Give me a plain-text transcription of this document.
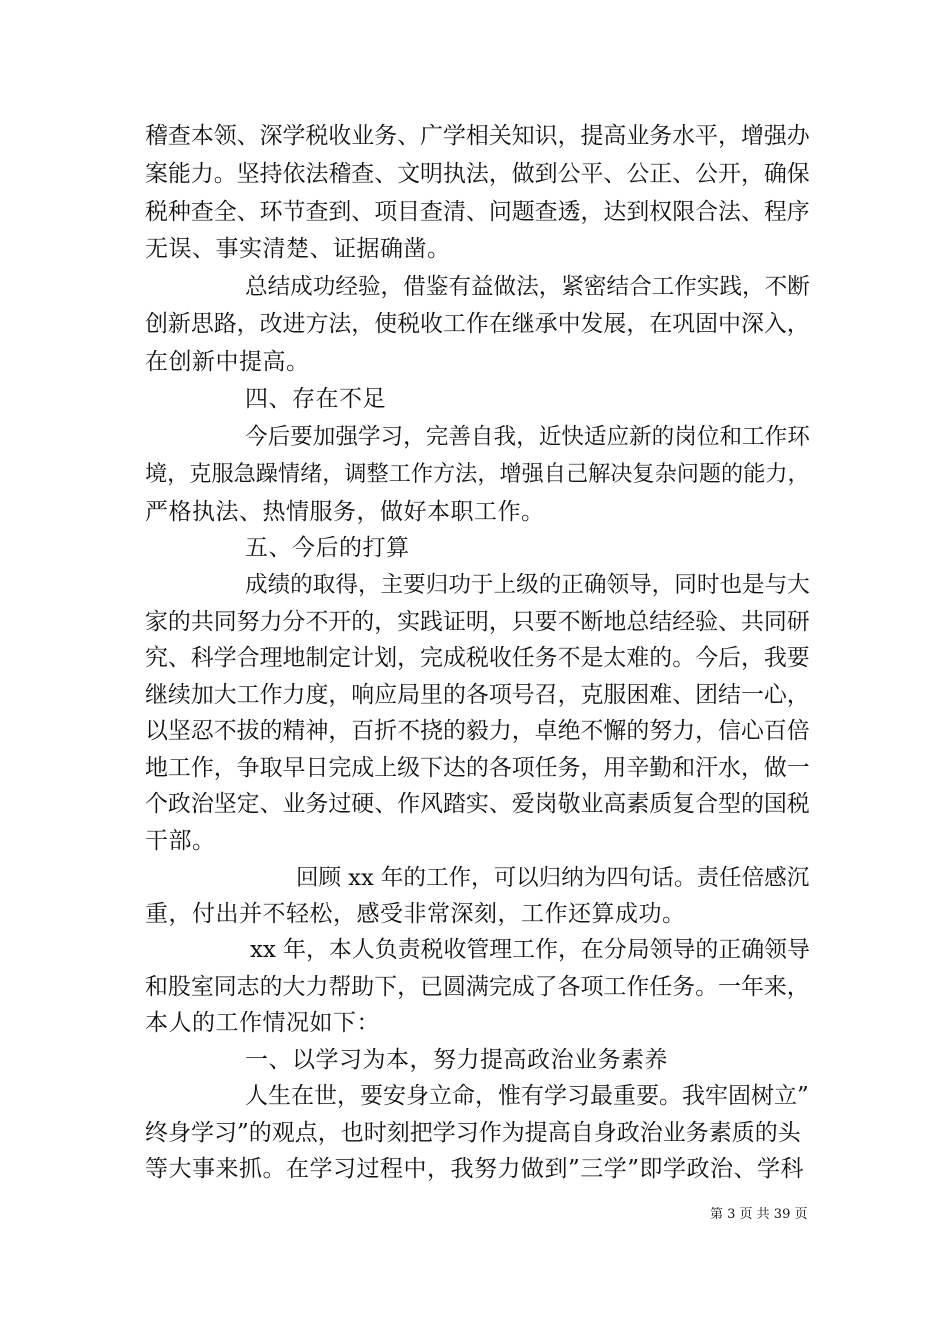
稽查本领、深学税收业务、广学相关知识，提高业务水平，增强办
案能力。坚持依法稽查、文明执法，做到公平、公正、公开，确保
税种查全、环节查到、项目查清、问题查透，达到权限合法、程序
无误、事实清楚、证据确凿。
总结成功经验，借鉴有益做法，紧密结合工作实践，不断
创新思路，改进方法，使税收工作在继承中发展，在巩固中深入，
在创新中提高。
四、存在不足
今后要加强学习，完善自我，近快适应新的岗位和工作环
境，克服急躁情绪，调整工作方法，增强自己解决复杂问题的能力，
严格执法、热情服务，做好本职工作。
五、今后的打算
成绩的取得，主要归功于上级的正确领导，同时也是与大
家的共同努力分不开的，实践证明，只要不断地总结经验、共同研
究、科学合理地制定计划，完成税收任务不是太难的。今后，我要
继续加大工作力度，响应局里的各项号召，克服困难、团结一心，
以坚忍不拔的精神，百折不挠的毅力，卓绝不懈的努力，信心百倍
地工作，争取早日完成上级下达的各项任务，用辛勤和汗水，做一
个政治坚定、业务过硬、作风踏实、爱岗敬业高素质复合型的国税
干部。
回顾 xx 年的工作，可以归纳为四句话。责任倍感沉
重，付出并不轻松，感受非常深刻，工作还算成功。
xx 年，本人负责税收管理工作，在分局领导的正确领导
和股室同志的大力帮助下，已圆满完成了各项工作任务。一年来，
本人的工作情况如下：
一、以学习为本，努力提高政治业务素养
人生在世，要安身立命，惟有学习最重要。我牢固树立”
终身学习”的观点，也时刻把学习作为提高自身政治业务素质的头
等大事来抓。在学习过程中，我努力做到”三学”即学政治、学科
第 3 页 共 39 页
